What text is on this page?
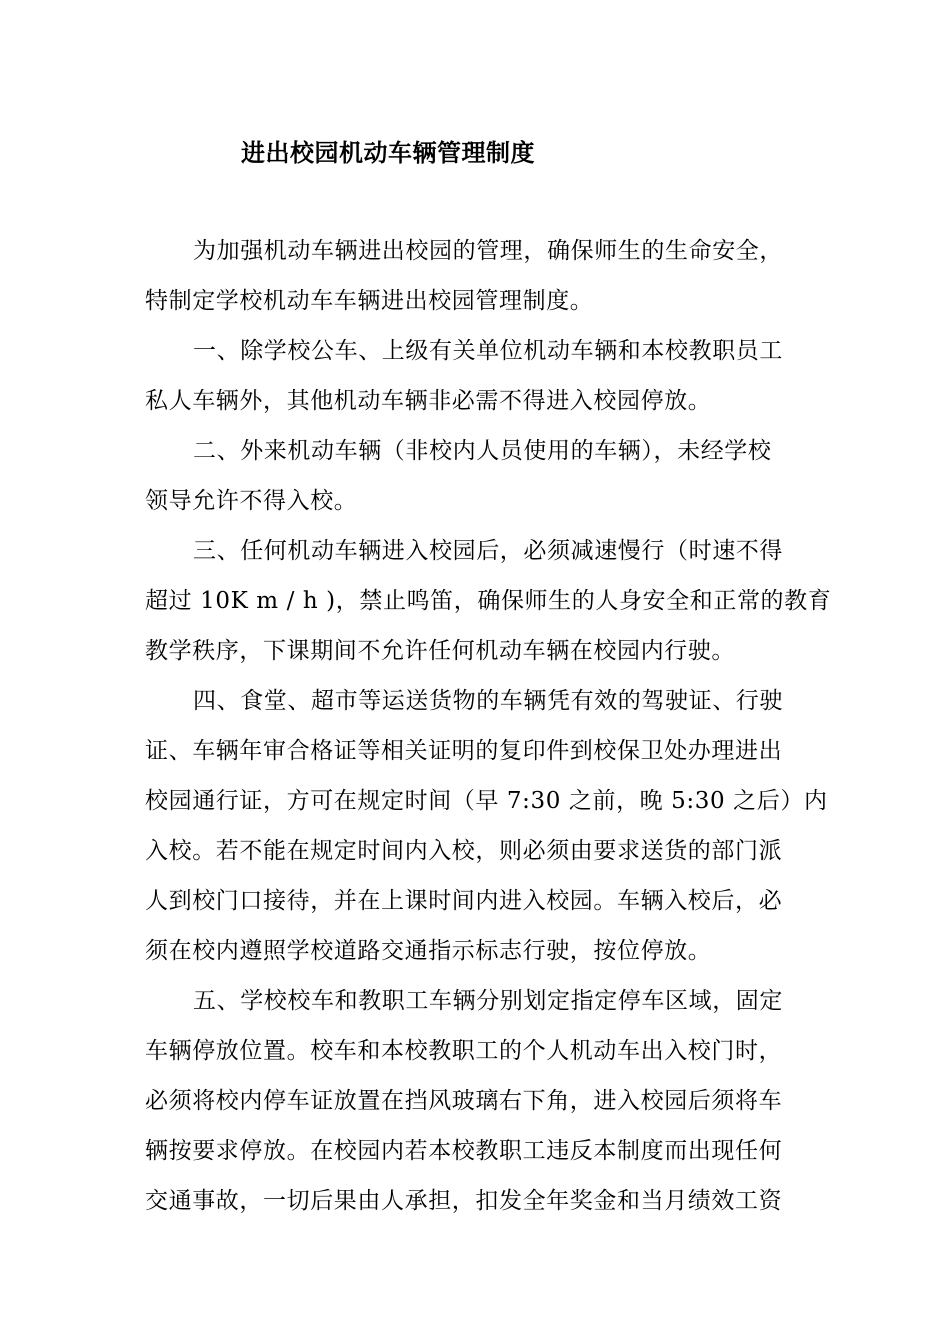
进出校园机动车辆管理制度
为加强机动车辆进出校园的管理，确保师生的生命安全，
特制定学校机动车车辆进出校园管理制度。
一、除学校公车、上级有关单位机动车辆和本校教职员工
私人车辆外，其他机动车辆非必需不得进入校园停放。
二、外来机动车辆（非校内人员使用的车辆），未经学校
领导允许不得入校。
三、任何机动车辆进入校园后，必须减速慢行（时速不得
超过 10K m / h )，禁止鸣笛，确保师生的人身安全和正常的教育
教学秩序，下课期间不允许任何机动车辆在校园内行驶。
四、食堂、超市等运送货物的车辆凭有效的驾驶证、行驶
证、车辆年审合格证等相关证明的复印件到校保卫处办理进出
校园通行证，方可在规定时间（早 7:30 之前，晚 5:30 之后）内
入校。若不能在规定时间内入校，则必须由要求送货的部门派
人到校门口接待，并在上课时间内进入校园。车辆入校后，必
须在校内遵照学校道路交通指示标志行驶，按位停放。
五、学校校车和教职工车辆分别划定指定停车区域，固定
车辆停放位置。校车和本校教职工的个人机动车出入校门时，
必须将校内停车证放置在挡风玻璃右下角，进入校园后须将车
辆按要求停放。在校园内若本校教职工违反本制度而出现任何
交通事故，一切后果由人承担，扣发全年奖金和当月绩效工资
